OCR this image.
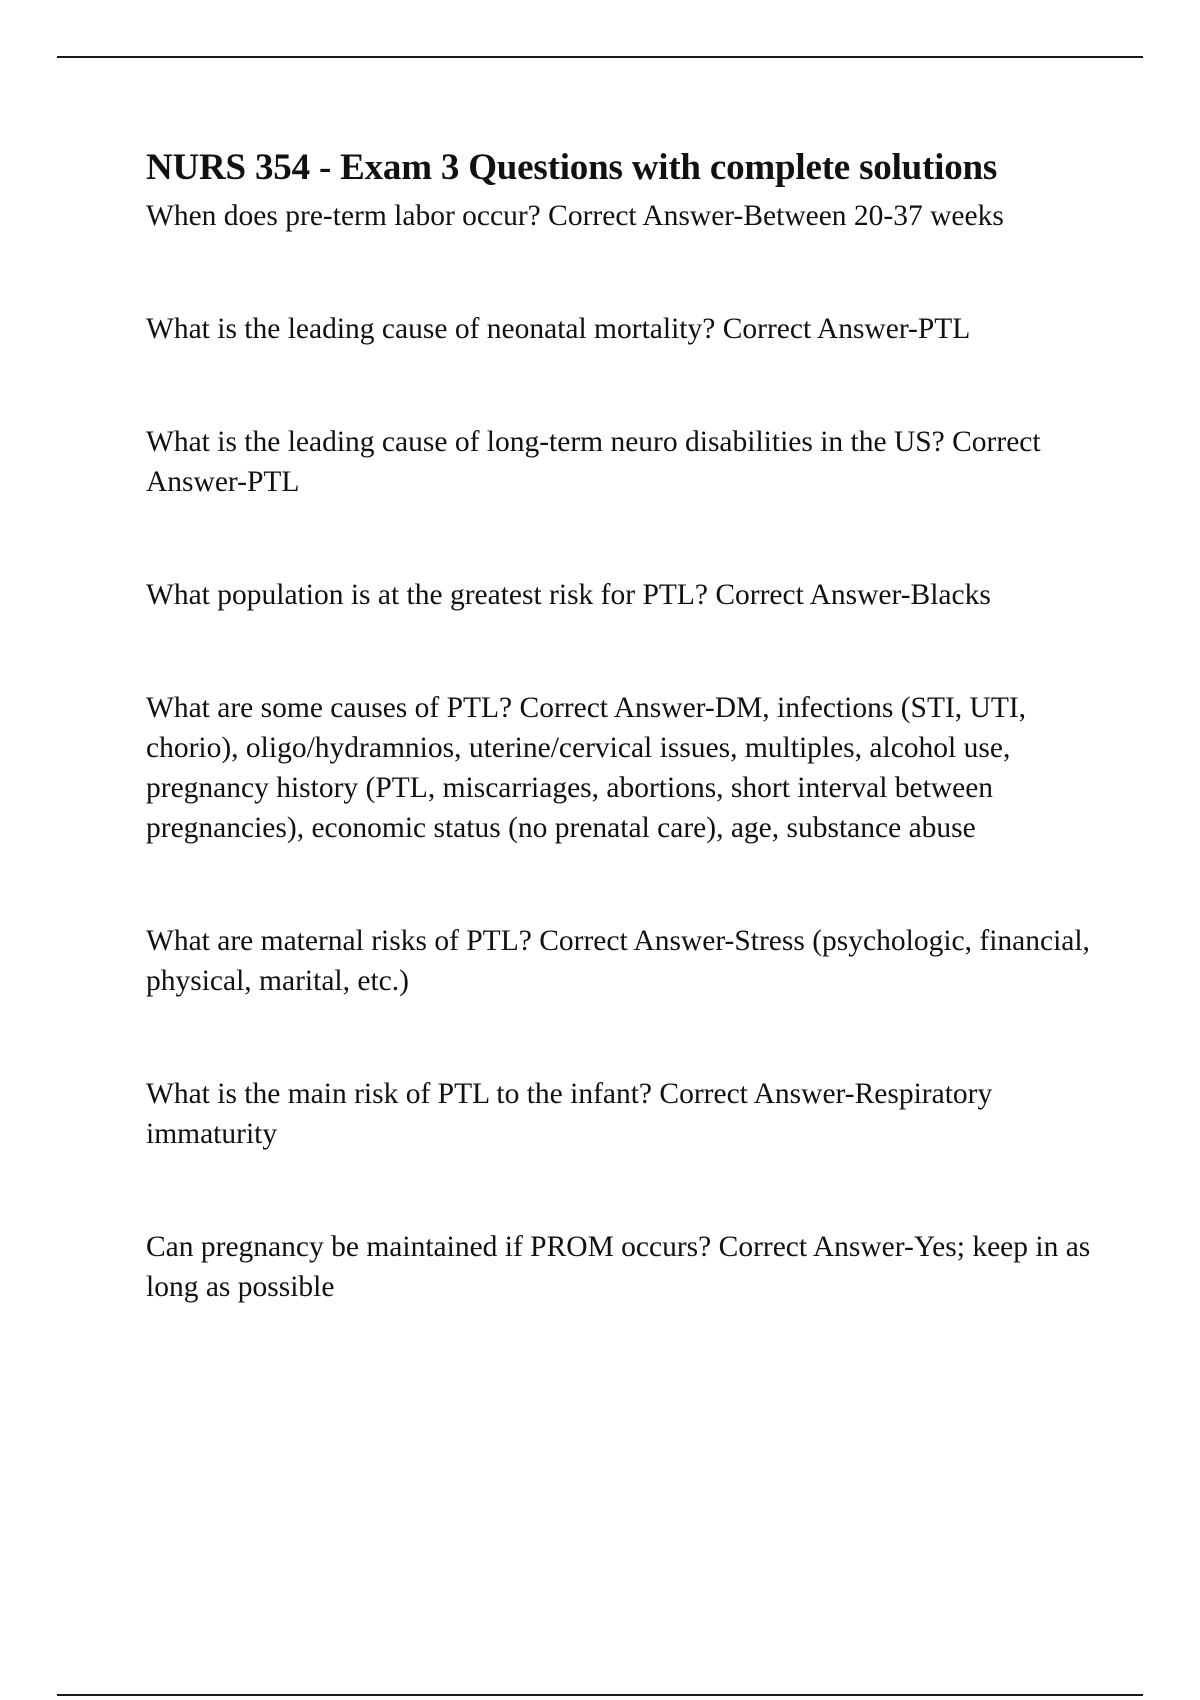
NURS 354 - Exam 3 Questions with complete solutions

When does pre-term labor occur? Correct Answer-Between 20-37 weeks

What is the leading cause of neonatal mortality? Correct Answer-PTL

What is the leading cause of long-term neuro disabilities in the US? Correct Answer-PTL

What population is at the greatest risk for PTL? Correct Answer-Blacks

What are some causes of PTL? Correct Answer-DM, infections (STI, UTI, chorio), oligo/hydramnios, uterine/cervical issues, multiples, alcohol use, pregnancy history (PTL, miscarriages, abortions, short interval between pregnancies), economic status (no prenatal care), age, substance abuse

What are maternal risks of PTL? Correct Answer-Stress (psychologic, financial, physical, marital, etc.)

What is the main risk of PTL to the infant? Correct Answer-Respiratory immaturity

Can pregnancy be maintained if PROM occurs? Correct Answer-Yes; keep in as long as possible
